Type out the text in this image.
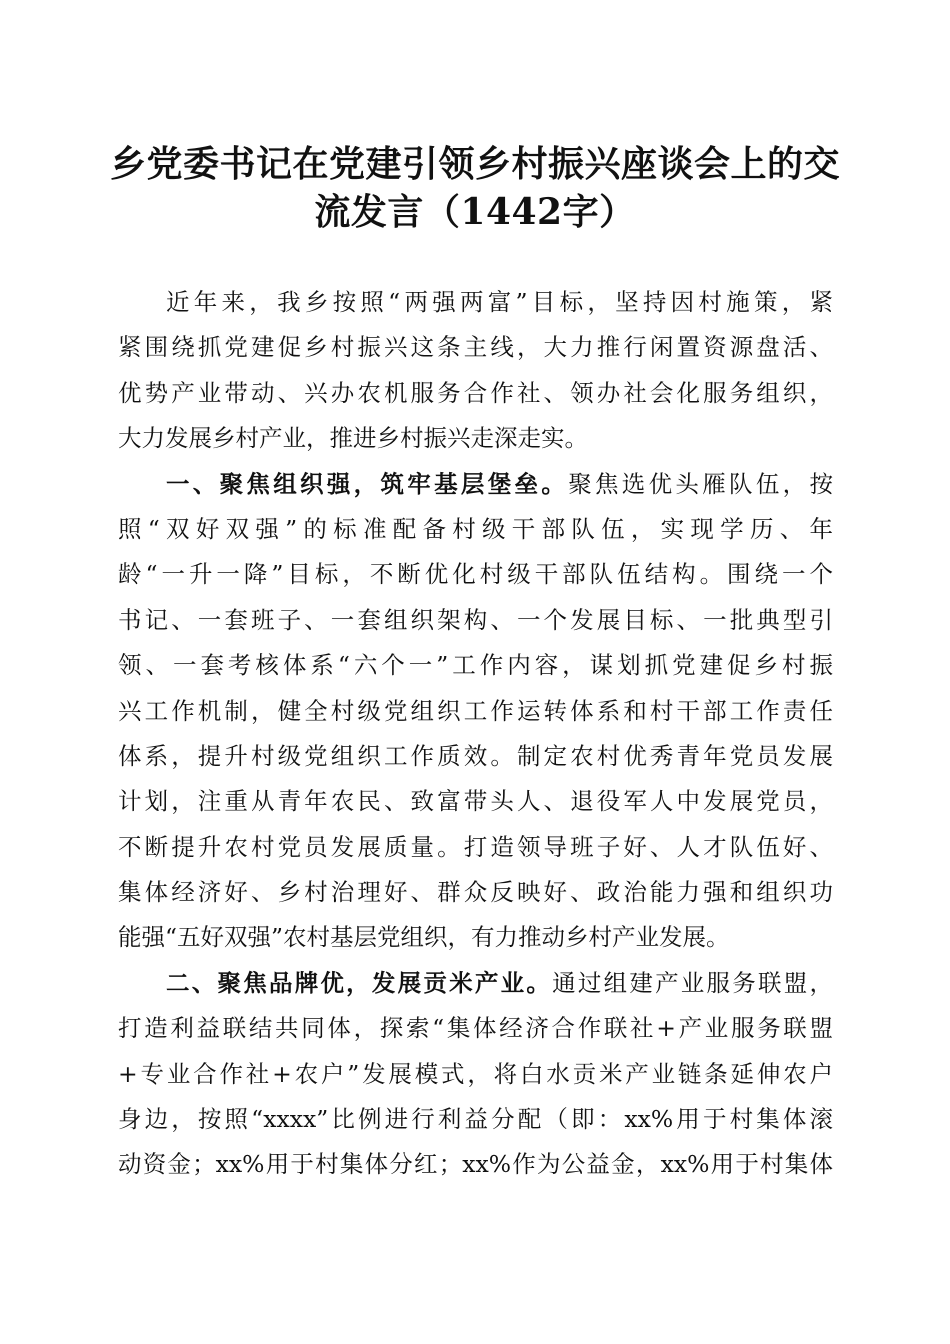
乡党委书记在党建引领乡村振兴座谈会上的交
流发言（1442字）
近年来，我乡按照“两强两富”目标，坚持因村施策，紧
紧围绕抓党建促乡村振兴这条主线，大力推行闲置资源盘活、
优势产业带动、兴办农机服务合作社、领办社会化服务组织，
大力发展乡村产业，推进乡村振兴走深走实。
一、聚焦组织强，筑牢基层堡垒。聚焦选优头雁队伍，按
照“双好双强”的标准配备村级干部队伍，实现学历、年
龄“一升一降”目标，不断优化村级干部队伍结构。围绕一个
书记、一套班子、一套组织架构、一个发展目标、一批典型引
领、一套考核体系“六个一”工作内容，谋划抓党建促乡村振
兴工作机制，健全村级党组织工作运转体系和村干部工作责任
体系，提升村级党组织工作质效。制定农村优秀青年党员发展
计划，注重从青年农民、致富带头人、退役军人中发展党员，
不断提升农村党员发展质量。打造领导班子好、人才队伍好、
集体经济好、乡村治理好、群众反映好、政治能力强和组织功
能强“五好双强”农村基层党组织，有力推动乡村产业发展。
二、聚焦品牌优，发展贡米产业。通过组建产业服务联盟，
打造利益联结共同体，探索“集体经济合作联社+产业服务联盟
+专业合作社+农户”发展模式，将白水贡米产业链条延伸农户
身边，按照“xxxx”比例进行利益分配（即：xx%用于村集体滚
动资金；xx%用于村集体分红；xx%作为公益金，xx%用于村集体
